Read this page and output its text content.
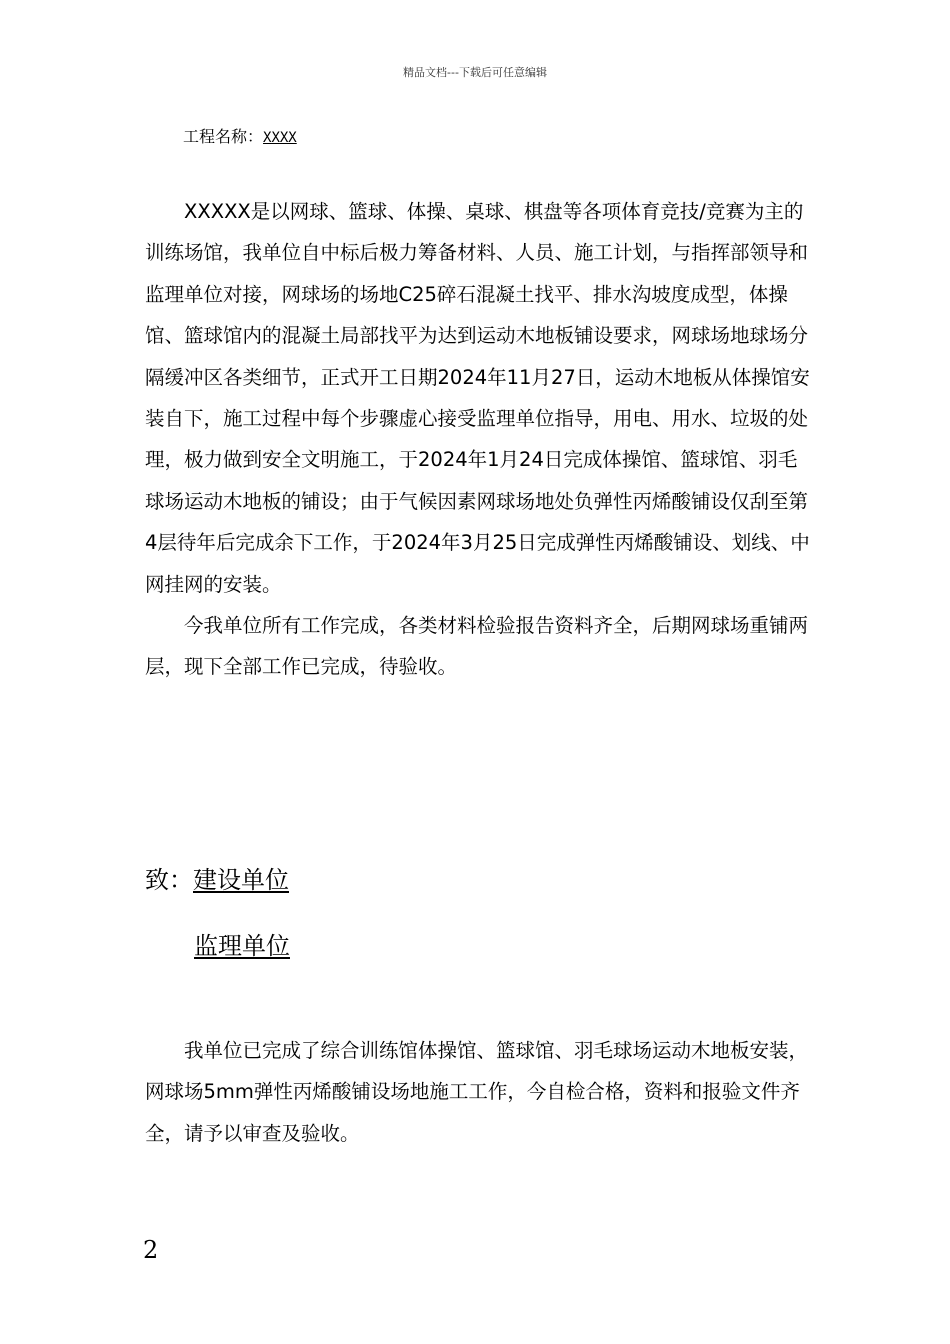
精品文档---下载后可任意编辑
工程名称：XXXX

XXXXX是以网球、篮球、体操、桌球、棋盘等各项体育竞技/竞赛为主的训练场馆，我单位自中标后极力筹备材料、人员、施工计划，与指挥部领导和监理单位对接，网球场的场地C25碎石混凝土找平、排水沟坡度成型，体操馆、篮球馆内的混凝土局部找平为达到运动木地板铺设要求，网球场地球场分隔缓冲区各类细节，正式开工日期2024年11月27日，运动木地板从体操馆安装自下，施工过程中每个步骤虚心接受监理单位指导，用电、用水、垃圾的处理，极力做到安全文明施工，于2024年1月24日完成体操馆、篮球馆、羽毛球场运动木地板的铺设；由于气候因素网球场地处负弹性丙烯酸铺设仅刮至第4层待年后完成余下工作，于2024年3月25日完成弹性丙烯酸铺设、划线、中网挂网的安装。

今我单位所有工作完成，各类材料检验报告资料齐全，后期网球场重铺两层，现下全部工作已完成，待验收。

致：建设单位
监理单位

我单位已完成了综合训练馆体操馆、篮球馆、羽毛球场运动木地板安装，网球场5mm弹性丙烯酸铺设场地施工工作，今自检合格，资料和报验文件齐全，请予以审查及验收。

2
